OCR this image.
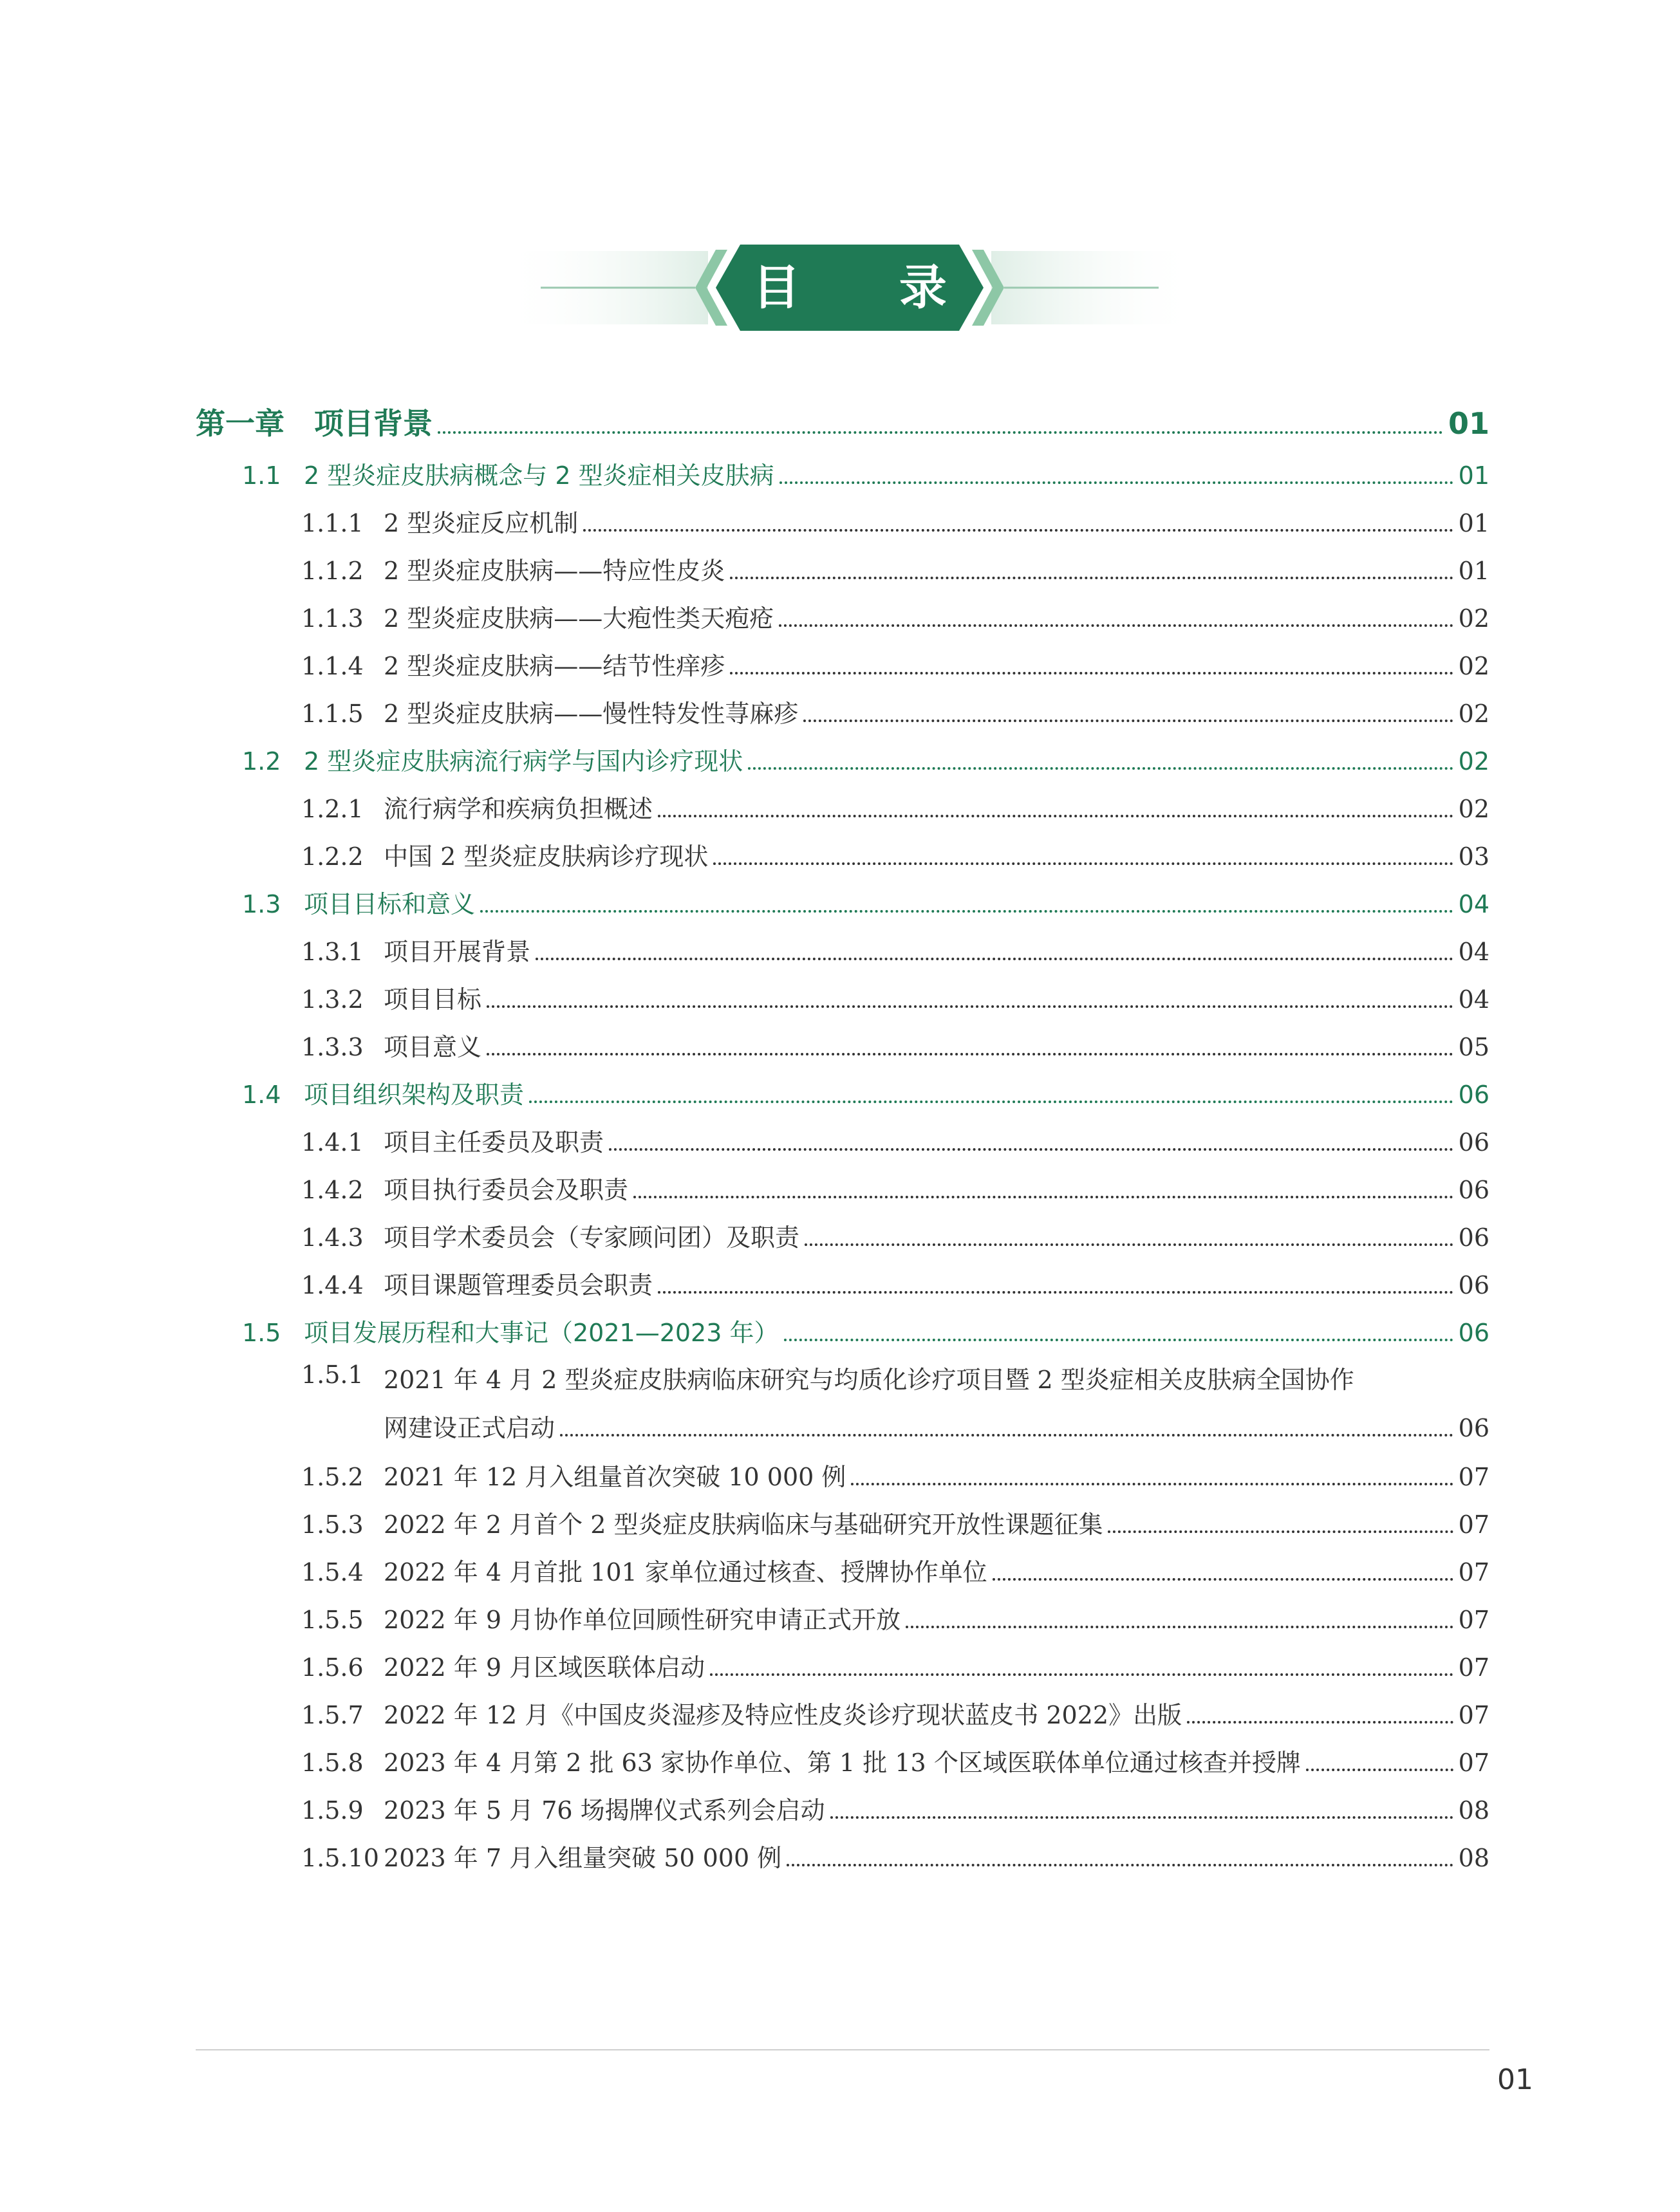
目 录
第一章　项目背景	01
1.1 2 型炎症皮肤病概念与 2 型炎症相关皮肤病	01
1.1.1 2 型炎症反应机制	01
1.1.2 2 型炎症皮肤病——特应性皮炎	01
1.1.3 2 型炎症皮肤病——大疱性类天疱疮	02
1.1.4 2 型炎症皮肤病——结节性痒疹	02
1.1.5 2 型炎症皮肤病——慢性特发性荨麻疹	02
1.2 2 型炎症皮肤病流行病学与国内诊疗现状	02
1.2.1 流行病学和疾病负担概述	02
1.2.2 中国 2 型炎症皮肤病诊疗现状	03
1.3 项目目标和意义	04
1.3.1 项目开展背景	04
1.3.2 项目目标	04
1.3.3 项目意义	05
1.4 项目组织架构及职责	06
1.4.1 项目主任委员及职责	06
1.4.2 项目执行委员会及职责	06
1.4.3 项目学术委员会（专家顾问团）及职责	06
1.4.4 项目课题管理委员会职责	06
1.5 项目发展历程和大事记（2021—2023 年）	06
1.5.1 2021 年 4 月 2 型炎症皮肤病临床研究与均质化诊疗项目暨 2 型炎症相关皮肤病全国协作
网建设正式启动	06
1.5.2 2021 年 12 月入组量首次突破 10 000 例	07
1.5.3 2022 年 2 月首个 2 型炎症皮肤病临床与基础研究开放性课题征集	07
1.5.4 2022 年 4 月首批 101 家单位通过核查、授牌协作单位	07
1.5.5 2022 年 9 月协作单位回顾性研究申请正式开放	07
1.5.6 2022 年 9 月区域医联体启动	07
1.5.7 2022 年 12 月《中国皮炎湿疹及特应性皮炎诊疗现状蓝皮书 2022》出版	07
1.5.8 2023 年 4 月第 2 批 63 家协作单位、第 1 批 13 个区域医联体单位通过核查并授牌	07
1.5.9 2023 年 5 月 76 场揭牌仪式系列会启动	08
1.5.10 2023 年 7 月入组量突破 50 000 例	08
01
